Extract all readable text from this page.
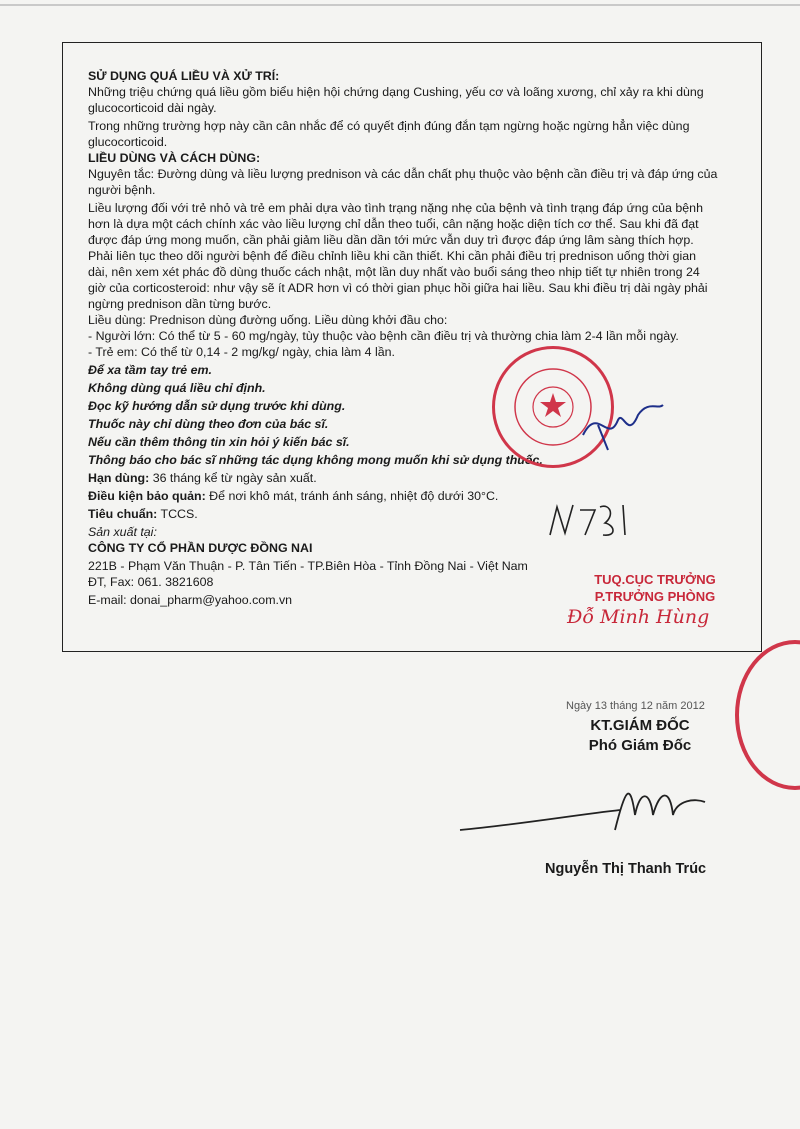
SỬ DỤNG QUÁ LIỀU VÀ XỬ TRÍ:

Những triệu chứng quá liều gồm biểu hiện hội chứng dạng Cushing, yếu cơ và loãng xương, chỉ xảy ra khi dùng glucocorticoid dài ngày.

Trong những trường hợp này cần cân nhắc để có quyết định đúng đắn tạm ngừng hoặc ngừng hẳn việc dùng glucocorticoid.

LIỀU DÙNG VÀ CÁCH DÙNG:

Nguyên tắc: Đường dùng và liều lượng prednison và các dẫn chất phụ thuộc vào bệnh cần điều trị và đáp ứng của người bệnh.

Liều lượng đối với trẻ nhỏ và trẻ em phải dựa vào tình trạng nặng nhẹ của bệnh và tình trạng đáp ứng của bệnh hơn là dựa một cách chính xác vào liều lượng chỉ dẫn theo tuổi, cân nặng hoặc diện tích cơ thể. Sau khi đã đạt được đáp ứng mong muốn, cần phải giảm liều dần dần tới mức vẫn duy trì được đáp ứng lâm sàng thích hợp. Phải liên tục theo dõi người bệnh để điều chỉnh liều khi cần thiết. Khi cần phải điều trị prednison uống thời gian dài, nên xem xét phác đồ dùng thuốc cách nhật, một lần duy nhất vào buổi sáng theo nhịp tiết tự nhiên trong 24 giờ của corticosteroid: như vậy sẽ ít ADR hơn vì có thời gian phục hồi giữa hai liều. Sau khi điều trị dài ngày phải ngừng prednison dần từng bước.

Liều dùng: Prednison dùng đường uống. Liều dùng khởi đầu cho:

- Người lớn: Có thể từ 5 - 60 mg/ngày, tùy thuộc vào bệnh cần điều trị và thường chia làm 2-4 lần mỗi ngày.

- Trẻ em: Có thể từ 0,14 - 2 mg/kg/ ngày, chia làm 4 lần.

Để xa tầm tay trẻ em.

Không dùng quá liều chỉ định.

Đọc kỹ hướng dẫn sử dụng trước khi dùng.

Thuốc này chỉ dùng theo đơn của bác sĩ.

Nếu cần thêm thông tin xin hỏi ý kiến bác sĩ.

Thông báo cho bác sĩ những tác dụng không mong muốn khi sử dụng thuốc.

Hạn dùng: 36 tháng kể từ ngày sản xuất.

Điều kiện bảo quản: Để nơi khô mát, tránh ánh sáng, nhiệt độ dưới 30°C.

Tiêu chuẩn: TCCS.

Sản xuất tại:

CÔNG TY CỔ PHẦN DƯỢC ĐỒNG NAI

221B - Phạm Văn Thuận - P. Tân Tiến - TP.Biên Hòa - Tỉnh Đồng Nai - Việt Nam

ĐT, Fax: 061. 3821608

E-mail: donai_pharm@yahoo.com.vn

TUQ.CỤC TRƯỞNG
P.TRƯỞNG PHÒNG
Đỗ Minh Hùng
Ngày 13 tháng 12 năm 2012
KT.GIÁM ĐỐC
Phó Giám Đốc
Nguyễn Thị Thanh Trúc
